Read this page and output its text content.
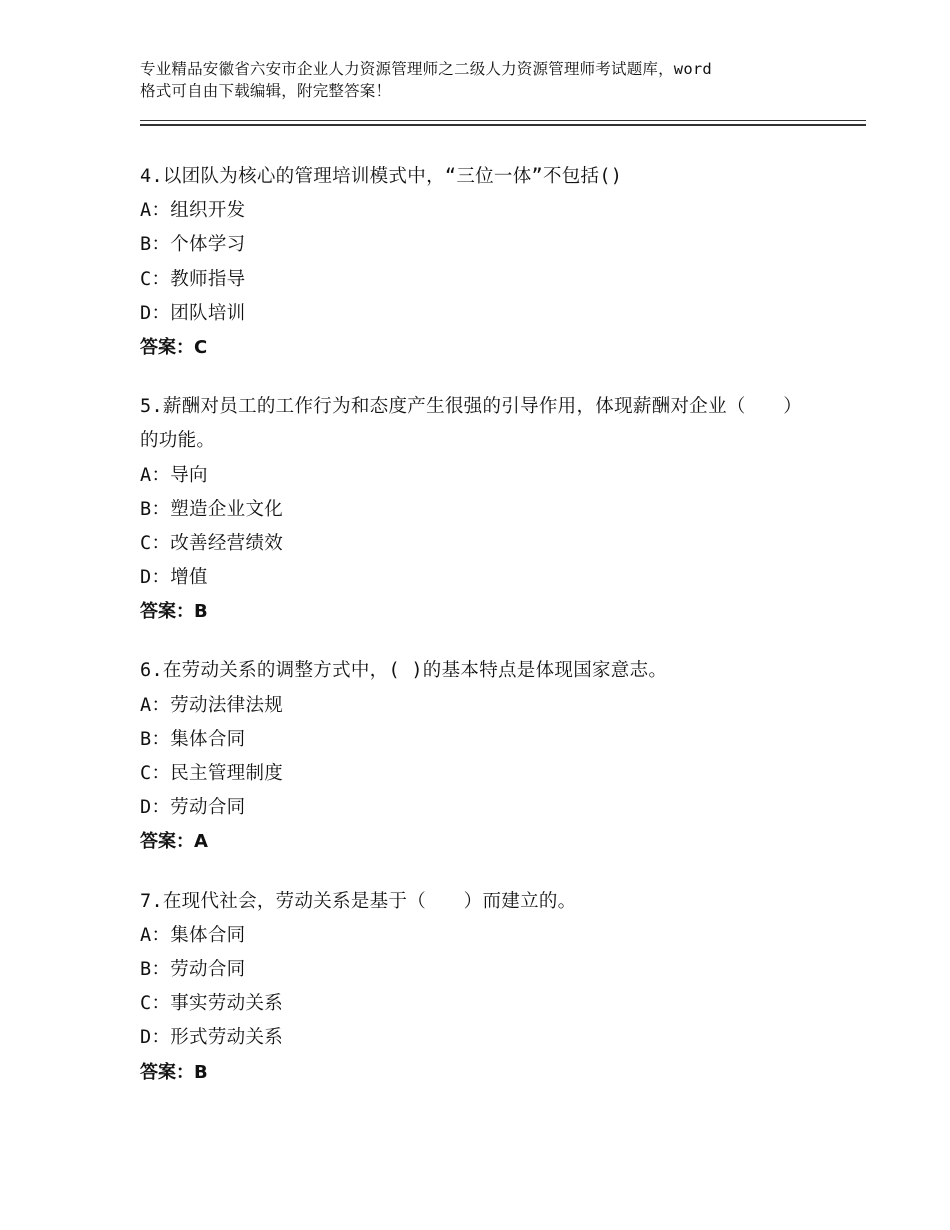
专业精品安徽省六安市企业人力资源管理师之二级人力资源管理师考试题库，word
格式可自由下载编辑，附完整答案！
4.以团队为核心的管理培训模式中，“三位一体”不包括()
A：组织开发
B：个体学习
C：教师指导
D：团队培训
答案：C
5.薪酬对员工的工作行为和态度产生很强的引导作用，体现薪酬对企业（　　）的功能。
A：导向
B：塑造企业文化
C：改善经营绩效
D：增值
答案：B
6.在劳动关系的调整方式中，( )的基本特点是体现国家意志。
A：劳动法律法规
B：集体合同
C：民主管理制度
D：劳动合同
答案：A
7.在现代社会，劳动关系是基于（　　）而建立的。
A：集体合同
B：劳动合同
C：事实劳动关系
D：形式劳动关系
答案：B
